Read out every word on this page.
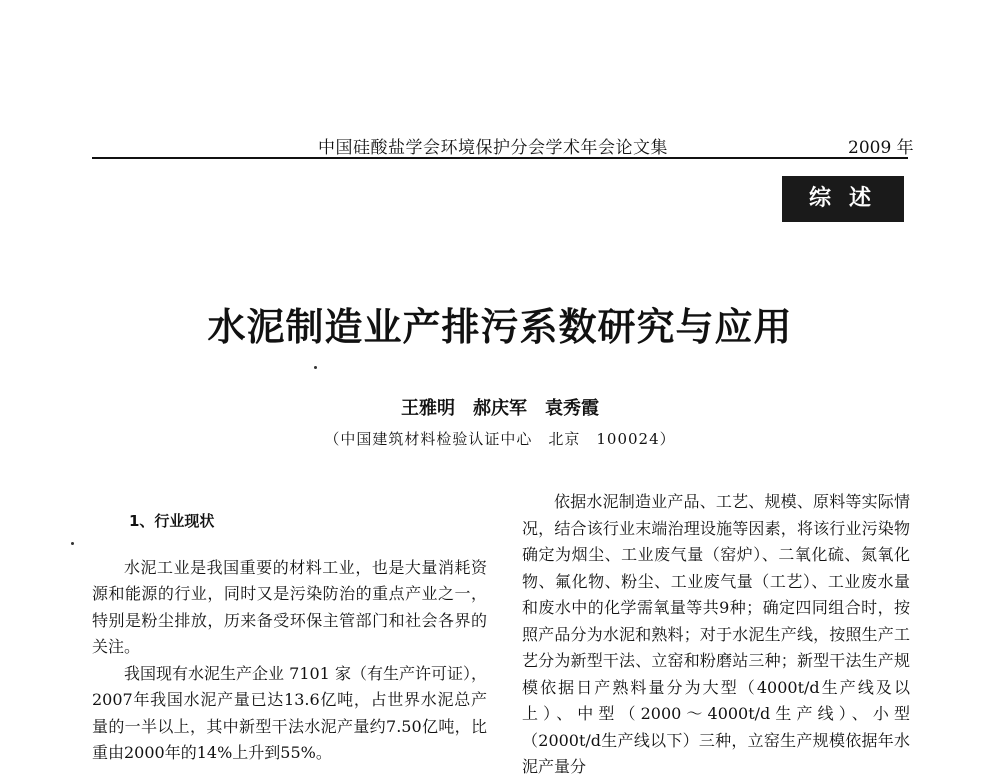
中国硅酸盐学会环境保护分会学术年会论文集	2009 年
综述
水泥制造业产排污系数研究与应用
王雅明　郝庆军　袁秀霞
（中国建筑材料检验认证中心　北京　100024）
1、行业现状

水泥工业是我国重要的材料工业，也是大量消耗资源和能源的行业，同时又是污染防治的重点产业之一，特别是粉尘排放，历来备受环保主管部门和社会各界的关注。

我国现有水泥生产企业 7101 家（有生产许可证），2007年我国水泥产量已达13.6亿吨，占世界水泥总产量的一半以上，其中新型干法水泥产量约7.50亿吨，比重由2000年的14%上升到55%。

依据水泥制造业产品、工艺、规模、原料等实际情况，结合该行业末端治理设施等因素，将该行业污染物确定为烟尘、工业废气量（窑炉）、二氧化硫、氮氧化物、氟化物、粉尘、工业废气量（工艺）、工业废水量和废水中的化学需氧量等共9种；确定四同组合时，按照产品分为水泥和熟料；对于水泥生产线，按照生产工艺分为新型干法、立窑和粉磨站三种；新型干法生产规模依据日产熟料量分为大型（4000t/d生产线及以上）、中型（2000～4000t/d生产线）、小型（2000t/d生产线以下）三种，立窑生产规模依据年水泥产量分
